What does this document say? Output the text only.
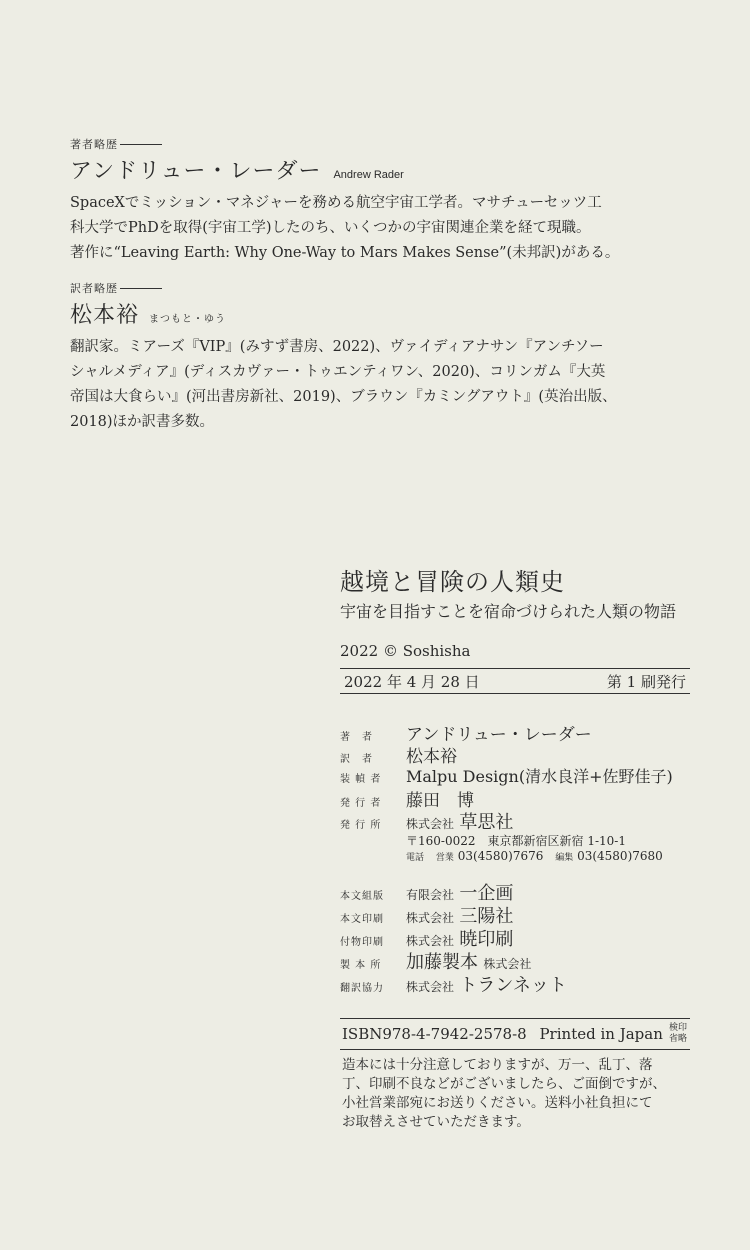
著者略歴
アンドリュー・レーダー Andrew Rader
SpaceXでミッション・マネジャーを務める航空宇宙工学者。マサチューセッツ工
科大学でPhDを取得(宇宙工学)したのち、いくつかの宇宙関連企業を経て現職。
著作に“Leaving Earth: Why One-Way to Mars Makes Sense”(未邦訳)がある。
訳者略歴
松本裕 まつもと・ゆう
翻訳家。ミアーズ『VIP』(みすず書房、2022)、ヴァイディアナサン『アンチソー
シャルメディア』(ディスカヴァー・トゥエンティワン、2020)、コリンガム『大英
帝国は大食らい』(河出書房新社、2019)、ブラウン『カミングアウト』(英治出版、
2018)ほか訳書多数。
越境と冒険の人類史
宇宙を目指すことを宿命づけられた人類の物語
2022 © Soshisha
2022 年 4 月 28 日	第 1 刷発行
著　者	アンドリュー・レーダー
訳　者	松本裕
装 幀 者	Malpu Design(清水良洋+佐野佳子)
発 行 者	藤田　博
発 行 所	株式会社 草思社
〒160-0022　東京都新宿区新宿 1-10-1
電話 営業 03(4580)7676 編集 03(4580)7680
本文組版	有限会社 一企画
本文印刷	株式会社 三陽社
付物印刷	株式会社 暁印刷
製 本 所	加藤製本 株式会社
翻訳協力	株式会社 トランネット
ISBN978-4-7942-2578-8 Printed in Japan 検印
省略
造本には十分注意しておりますが、万一、乱丁、落
丁、印刷不良などがございましたら、ご面倒ですが、
小社営業部宛にお送りください。送料小社負担にて
お取替えさせていただきます。
